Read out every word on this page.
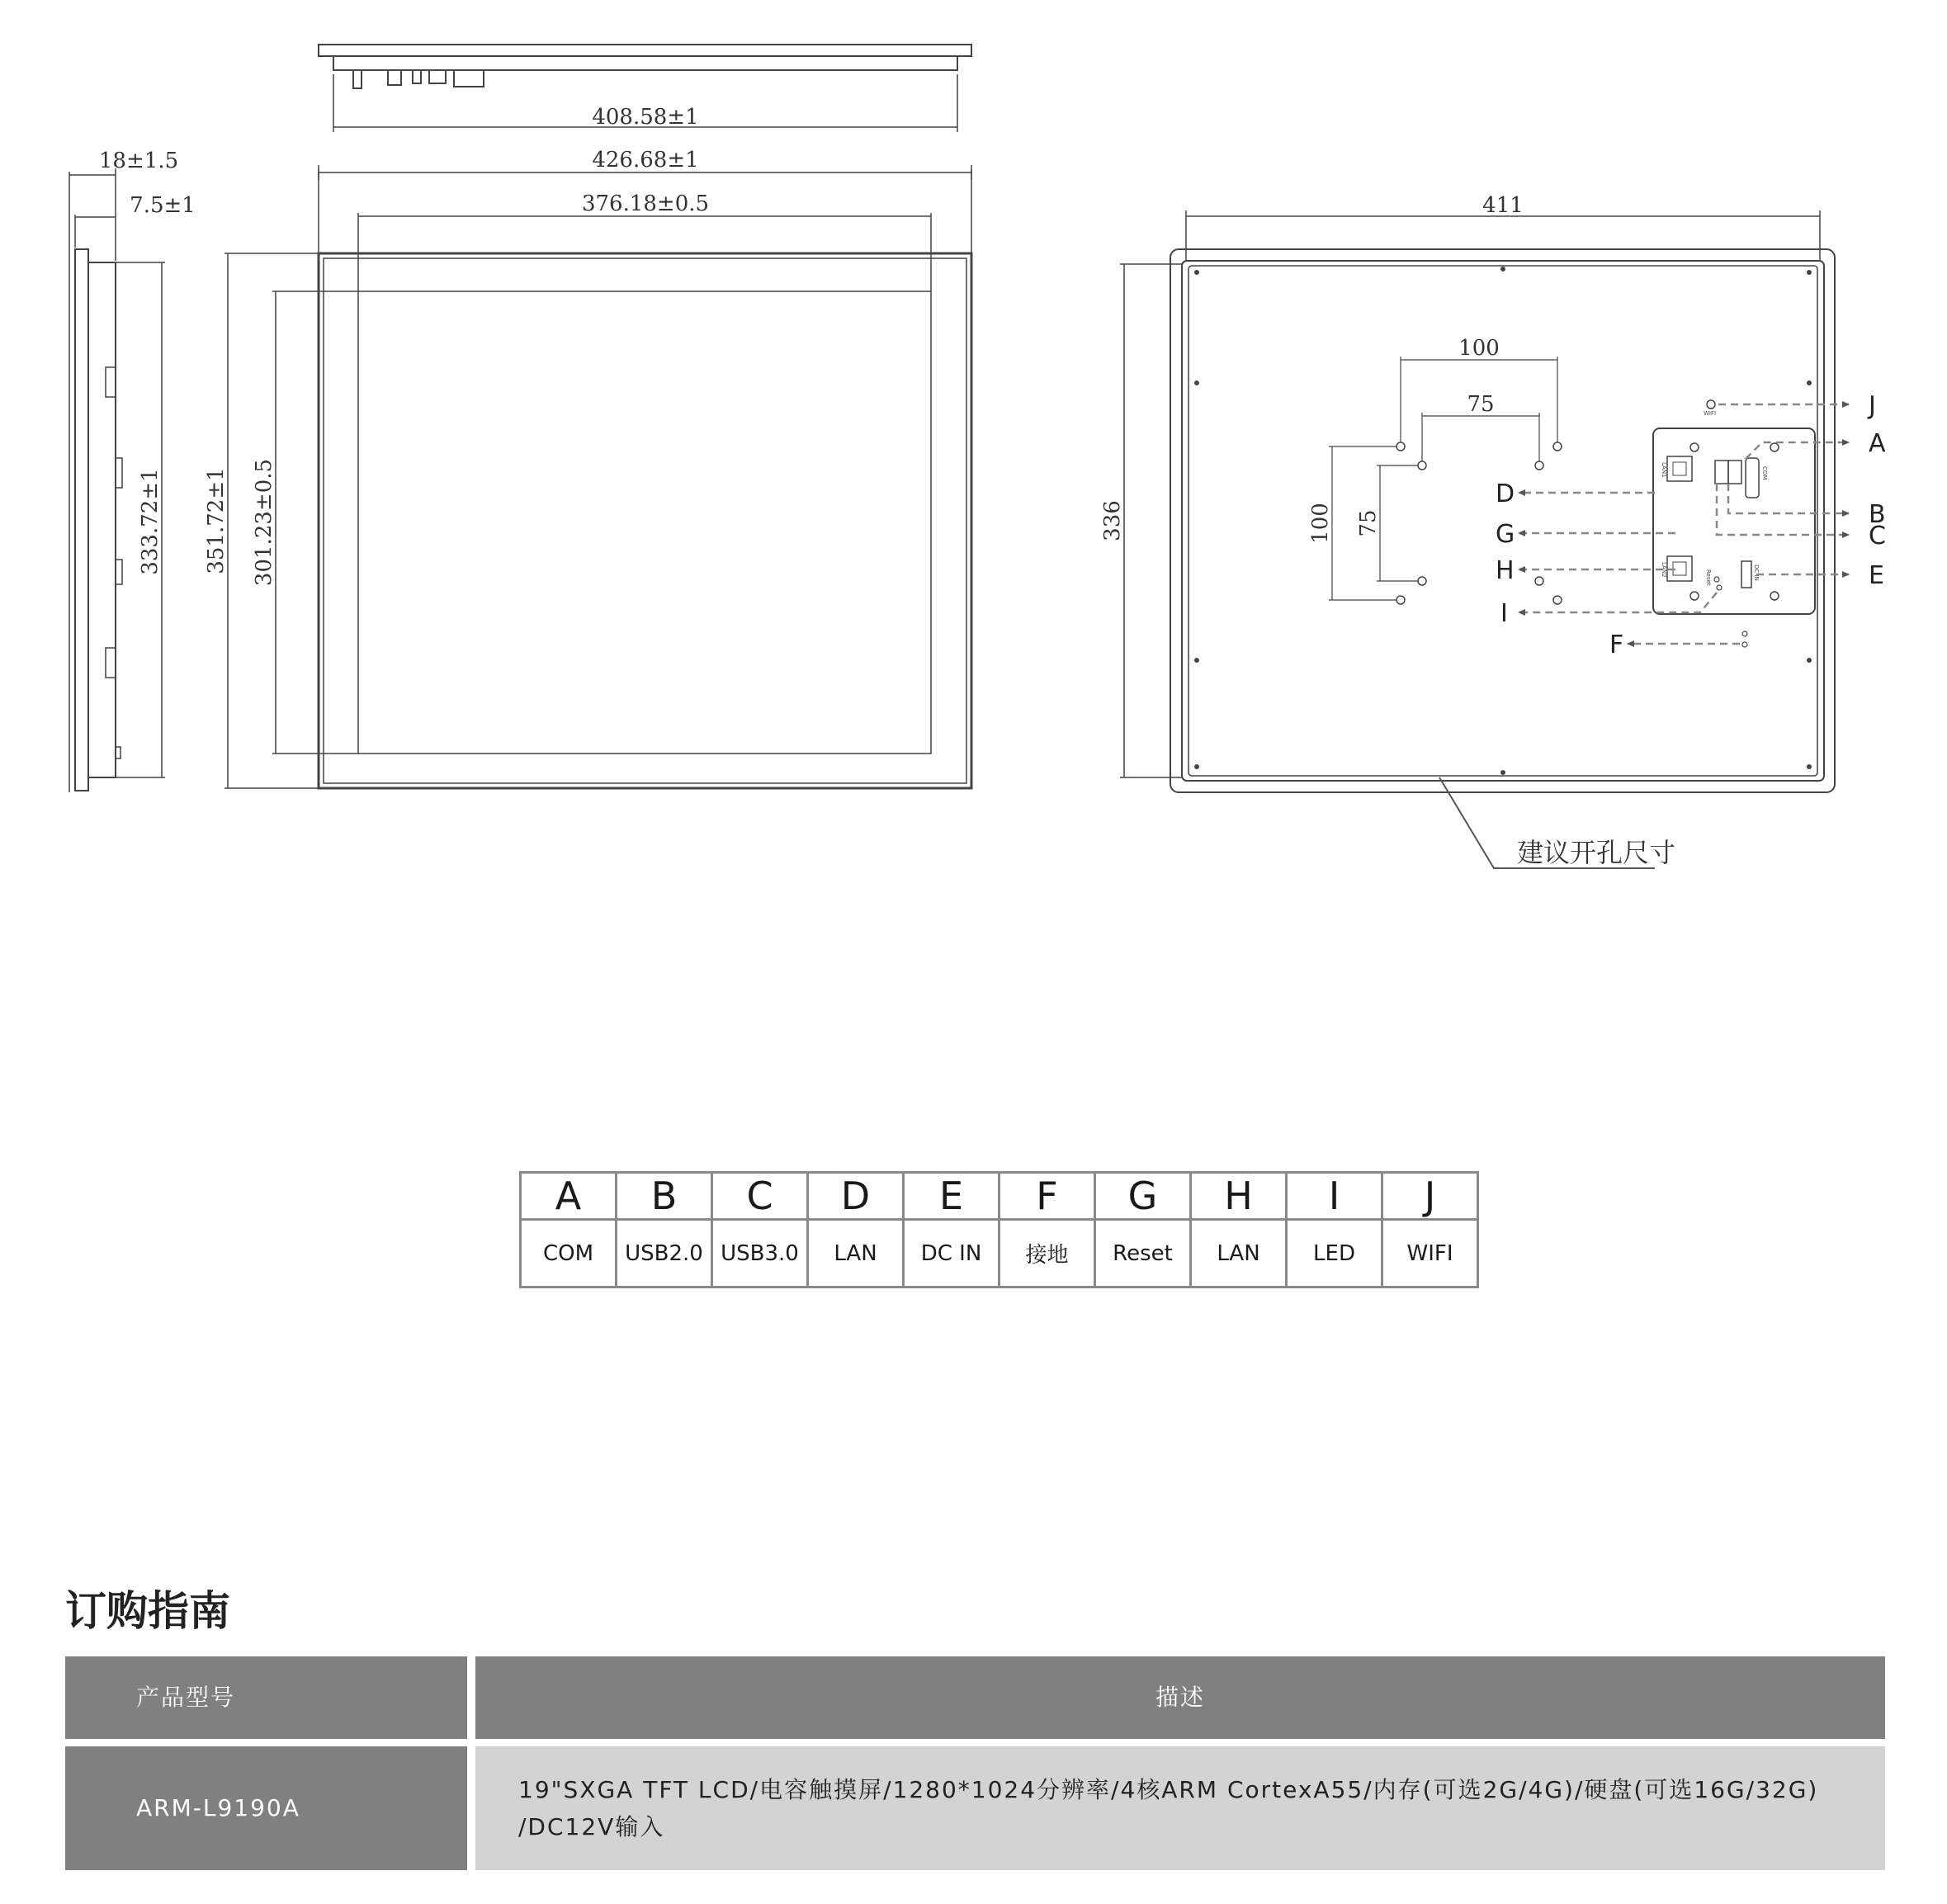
408.58±1
426.68±1
376.18±0.5
351.72±1 301.23±0.5
18±1.5
7.5±1
333.72±1
411
336
100
75
100 75
WIFI
COM
LAN1
LAN2	DC IN
Reset
J
A
B
C
E
D
G
H
I
F
建议开孔尺寸
A	B	C	D	E	F	G	H	I	J
COM	USB2.0	USB3.0	LAN	DC IN	接地	Reset	LAN	LED	WIFI
订购指南
产品型号	描述
ARM-L9190A
19"SXGA TFT LCD/电容触摸屏/1280*1024分辨率/4核ARM CortexA55/内存(可选2G/4G)/硬盘(可选16G/32G)
/DC12V输入
